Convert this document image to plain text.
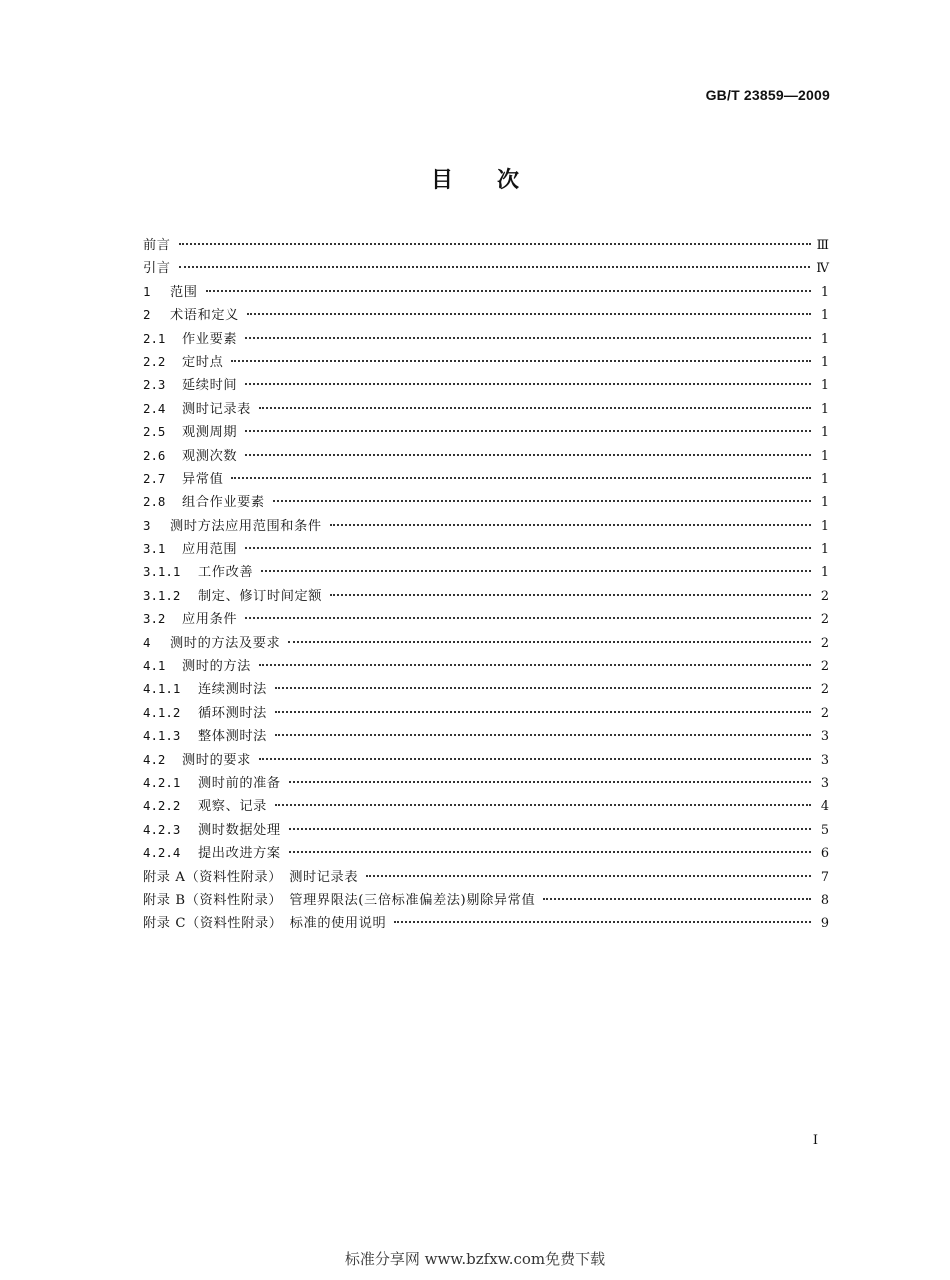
GB/T 23859—2009
目 次
前言	Ⅲ
引言	Ⅳ
1	范围	1
2	术语和定义	1
2.1	作业要素	1
2.2	定时点	1
2.3	延续时间	1
2.4	测时记录表	1
2.5	观测周期	1
2.6	观测次数	1
2.7	异常值	1
2.8	组合作业要素	1
3	测时方法应用范围和条件	1
3.1	应用范围	1
3.1.1	工作改善	1
3.1.2	制定、修订时间定额	2
3.2	应用条件	2
4	测时的方法及要求	2
4.1	测时的方法	2
4.1.1	连续测时法	2
4.1.2	循环测时法	2
4.1.3	整体测时法	3
4.2	测时的要求	3
4.2.1	测时前的准备	3
4.2.2	观察、记录	4
4.2.3	测时数据处理	5
4.2.4	提出改进方案	6
附录 A（资料性附录）　测时记录表	7
附录 B（资料性附录）　管理界限法(三倍标准偏差法)剔除异常值	8
附录 C（资料性附录）　标准的使用说明	9
I
标准分享网 www.bzfxw.com免费下载
